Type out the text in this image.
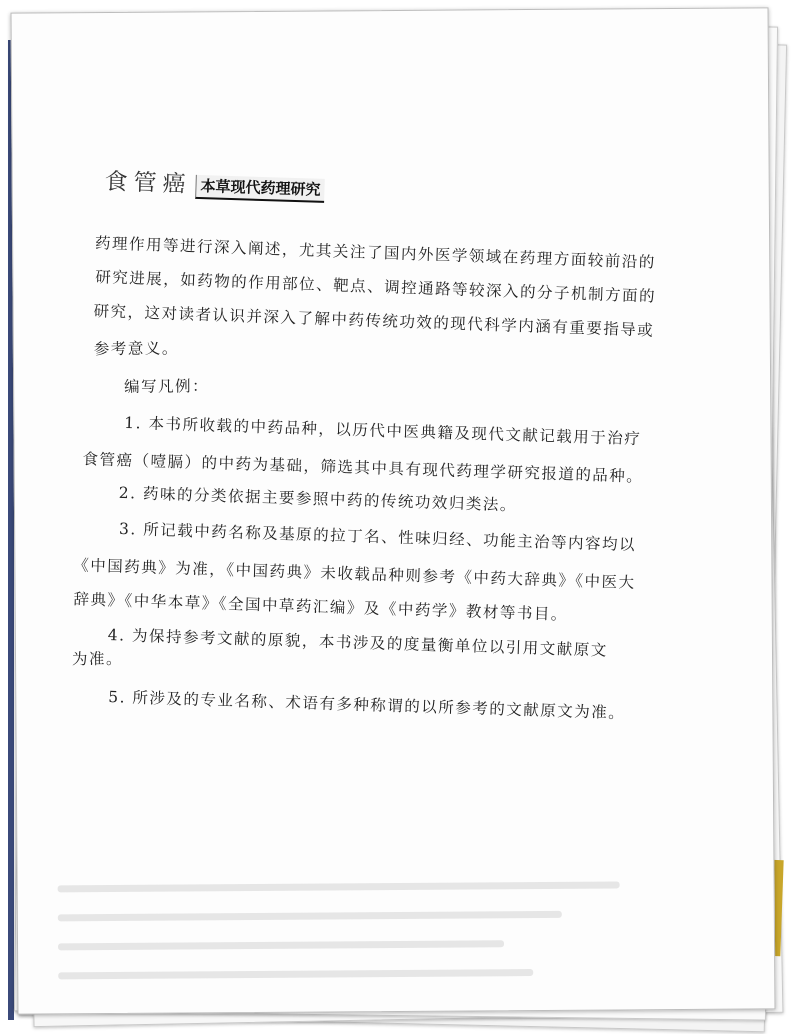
食管癌 本草现代药理研究
药理作用等进行深入阐述，尤其关注了国内外医学领域在药理方面较前沿的
研究进展，如药物的作用部位、靶点、调控通路等较深入的分子机制方面的
研究，这对读者认识并深入了解中药传统功效的现代科学内涵有重要指导或
参考意义。
编写凡例：
1. 本书所收载的中药品种，以历代中医典籍及现代文献记载用于治疗
食管癌（噎膈）的中药为基础，筛选其中具有现代药理学研究报道的品种。
2. 药味的分类依据主要参照中药的传统功效归类法。
3. 所记载中药名称及基原的拉丁名、性味归经、功能主治等内容均以
《中国药典》为准，《中国药典》未收载品种则参考《中药大辞典》《中医大
辞典》《中华本草》《全国中草药汇编》及《中药学》教材等书目。
4. 为保持参考文献的原貌，本书涉及的度量衡单位以引用文献原文
为准。
5. 所涉及的专业名称、术语有多种称谓的以所参考的文献原文为准。
